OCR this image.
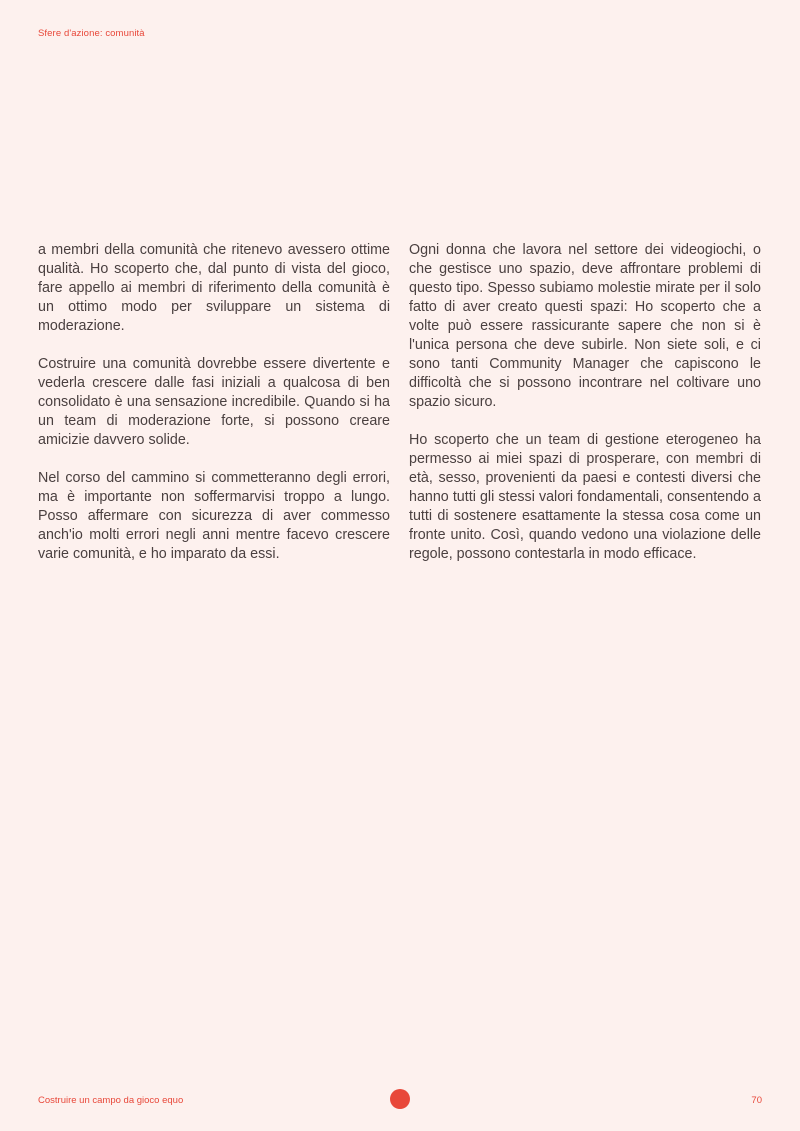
Sfere d'azione: comunità

a membri della comunità che ritenevo avessero ottime qualità. Ho scoperto che, dal punto di vista del gioco, fare appello ai membri di riferimento della comunità è un ottimo modo per sviluppare un sistema di moderazione.

Costruire una comunità dovrebbe essere divertente e vederla crescere dalle fasi iniziali a qualcosa di ben consolidato è una sensazione incredibile. Quando si ha un team di moderazione forte, si possono creare amicizie davvero solide.

Nel corso del cammino si commetteranno degli errori, ma è importante non soffermarvisi troppo a lungo. Posso affermare con sicurezza di aver commesso anch'io molti errori negli anni mentre facevo crescere varie comunità, e ho imparato da essi.

Ogni donna che lavora nel settore dei videogiochi, o che gestisce uno spazio, deve affrontare problemi di questo tipo. Spesso subiamo molestie mirate per il solo fatto di aver creato questi spazi: Ho scoperto che a volte può essere rassicurante sapere che non si è l'unica persona che deve subirle. Non siete soli, e ci sono tanti Community Manager che capiscono le difficoltà che si possono incontrare nel coltivare uno spazio sicuro.

Ho scoperto che un team di gestione eterogeneo ha permesso ai miei spazi di prosperare, con membri di età, sesso, provenienti da paesi e contesti diversi che hanno tutti gli stessi valori fondamentali, consentendo a tutti di sostenere esattamente la stessa cosa come un fronte unito. Così, quando vedono una violazione delle regole, possono contestarla in modo efficace.

Costruire un campo da gioco equo	70
